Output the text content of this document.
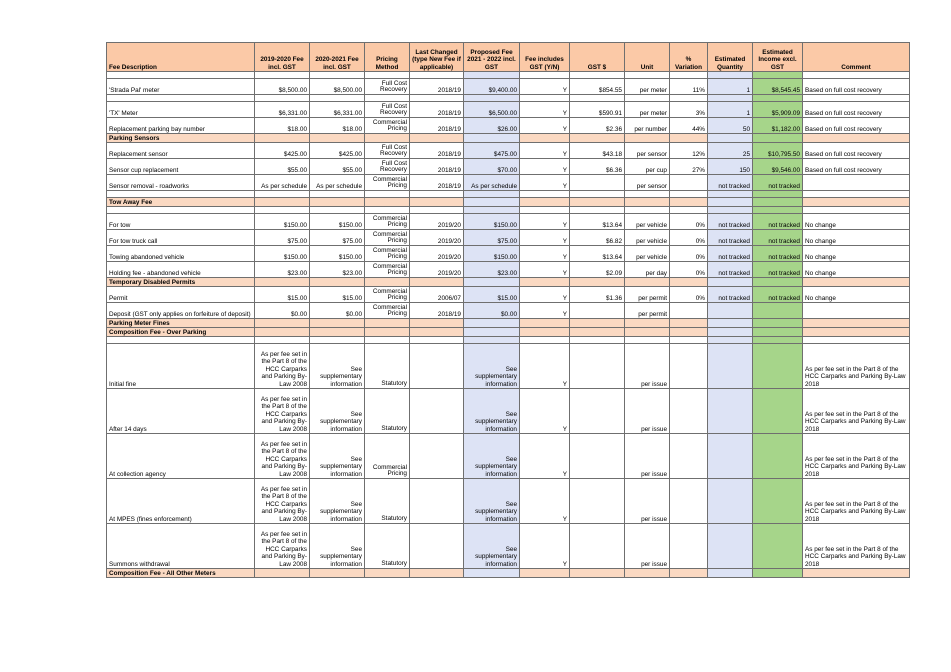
Fee Description	2019-2020 Fee incl. GST	2020-2021 Fee incl. GST	Pricing Method	Last Changed (type New Fee if applicable)	Proposed Fee 2021 - 2022 incl. GST	Fee includes GST (Y/N)	GST $	Unit	% Variation	Estimated Quantity	Estimated Income excl. GST	Comment

'Strada Pal' meter	$8,500.00	$8,500.00	Full Cost Recovery	2018/19	$9,400.00	Y	$854.55	per meter	11%	1	$8,545.45	Based on full cost recovery

'TX' Meter	$6,331.00	$6,331.00	Full Cost Recovery	2018/19	$6,500.00	Y	$590.91	per meter	3%	1	$5,909.09	Based on full cost recovery
Replacement parking bay number	$18.00	$18.00	Commercial Pricing	2018/19	$26.00	Y	$2.36	per number	44%	50	$1,182.00	Based on full cost recovery
Parking Sensors												
Replacement sensor	$425.00	$425.00	Full Cost Recovery	2018/19	$475.00	Y	$43.18	per sensor	12%	25	$10,795.50	Based on full cost recovery
Sensor cup replacement	$55.00	$55.00	Full Cost Recovery	2018/19	$70.00	Y	$6.36	per cup	27%	150	$9,546.00	Based on full cost recovery
Sensor removal - roadworks	As per schedule	As per schedule	Commercial Pricing	2018/19	As per schedule	Y		per sensor		not tracked	not tracked	

Tow Away Fee												

For tow	$150.00	$150.00	Commercial Pricing	2019/20	$150.00	Y	$13.64	per vehicle	0%	not tracked	not tracked	No change
For tow truck call	$75.00	$75.00	Commercial Pricing	2019/20	$75.00	Y	$6.82	per vehicle	0%	not tracked	not tracked	No change
Towing abandoned vehicle	$150.00	$150.00	Commercial Pricing	2019/20	$150.00	Y	$13.64	per vehicle	0%	not tracked	not tracked	No change
Holding fee - abandoned vehicle	$23.00	$23.00	Commercial Pricing	2019/20	$23.00	Y	$2.09	per day	0%	not tracked	not tracked	No change
Temporary Disabled Permits												
Permit	$15.00	$15.00	Commercial Pricing	2006/07	$15.00	Y	$1.36	per permit	0%	not tracked	not tracked	No change
Deposit (GST only applies on forfeiture of deposit)	$0.00	$0.00	Commercial Pricing	2018/19	$0.00	Y		per permit				
Parking Meter Fines												
Composition Fee - Over Parking												

Initial fine	As per fee set in the Part 8 of the HCC Carparks and Parking By-Law 2008	See supplementary information	Statutory		See supplementary information	Y		per issue				As per fee set in the Part 8 of the HCC Carparks and Parking By-Law 2018
After 14 days	As per fee set in the Part 8 of the HCC Carparks and Parking By-Law 2008	See supplementary information	Statutory		See supplementary information	Y		per issue				As per fee set in the Part 8 of the HCC Carparks and Parking By-Law 2018
At collection agency	As per fee set in the Part 8 of the HCC Carparks and Parking By-Law 2008	See supplementary information	Commercial Pricing		See supplementary information	Y		per issue				As per fee set in the Part 8 of the HCC Carparks and Parking By-Law 2018
At MPES (fines enforcement)	As per fee set in the Part 8 of the HCC Carparks and Parking By-Law 2008	See supplementary information	Statutory		See supplementary information	Y		per issue				As per fee set in the Part 8 of the HCC Carparks and Parking By-Law 2018
Summons withdrawal	As per fee set in the Part 8 of the HCC Carparks and Parking By-Law 2008	See supplementary information	Statutory		See supplementary information	Y		per issue				As per fee set in the Part 8 of the HCC Carparks and Parking By-Law 2018
Composition Fee - All Other Meters												
